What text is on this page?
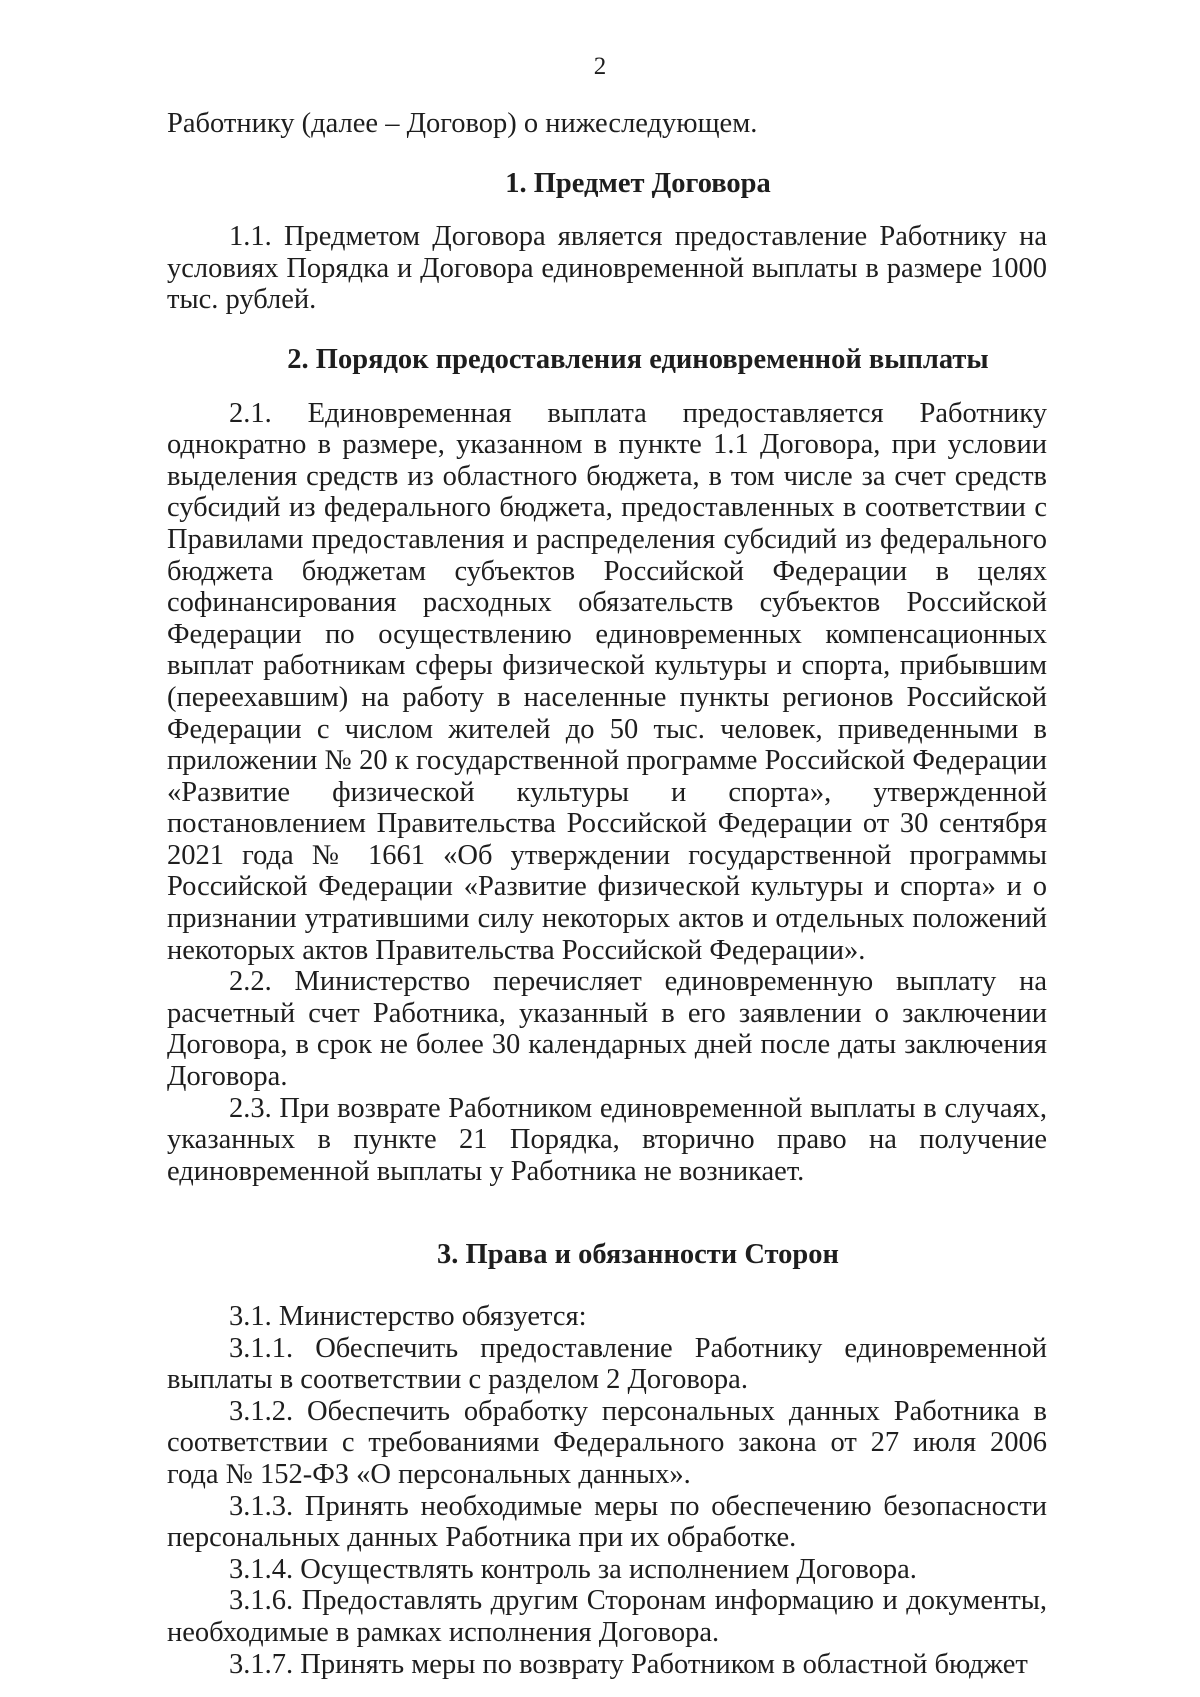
2

Работнику (далее – Договор) о нижеследующем.

1. Предмет Договора

1.1. Предметом Договора является предоставление Работнику на условиях Порядка и Договора единовременной выплаты в размере 1000 тыс. рублей.

2. Порядок предоставления единовременной выплаты

2.1. Единовременная выплата предоставляется Работнику однократно в размере, указанном в пункте 1.1 Договора, при условии выделения средств из областного бюджета, в том числе за счет средств субсидий из федерального бюджета, предоставленных в соответствии с Правилами предоставления и распределения субсидий из федерального бюджета бюджетам субъектов Российской Федерации в целях софинансирования расходных обязательств субъектов Российской Федерации по осуществлению единовременных компенсационных выплат работникам сферы физической культуры и спорта, прибывшим (переехавшим) на работу в населенные пункты регионов Российской Федерации с числом жителей до 50 тыс. человек, приведенными в приложении № 20 к государственной программе Российской Федерации «Развитие физической культуры и спорта», утвержденной постановлением Правительства Российской Федерации от 30 сентября 2021 года № 1661 «Об утверждении государственной программы Российской Федерации «Развитие физической культуры и спорта» и о признании утратившими силу некоторых актов и отдельных положений некоторых актов Правительства Российской Федерации».

2.2. Министерство перечисляет единовременную выплату на расчетный счет Работника, указанный в его заявлении о заключении Договора, в срок не более 30 календарных дней после даты заключения Договора.

2.3. При возврате Работником единовременной выплаты в случаях, указанных в пункте 21 Порядка, вторично право на получение единовременной выплаты у Работника не возникает.

3. Права и обязанности Сторон

3.1. Министерство обязуется:

3.1.1. Обеспечить предоставление Работнику единовременной выплаты в соответствии с разделом 2 Договора.

3.1.2. Обеспечить обработку персональных данных Работника в соответствии с требованиями Федерального закона от 27 июля 2006 года № 152-ФЗ «О персональных данных».

3.1.3. Принять необходимые меры по обеспечению безопасности персональных данных Работника при их обработке.

3.1.4. Осуществлять контроль за исполнением Договора.

3.1.6. Предоставлять другим Сторонам информацию и документы, необходимые в рамках исполнения Договора.

3.1.7. Принять меры по возврату Работником в областной бюджет
